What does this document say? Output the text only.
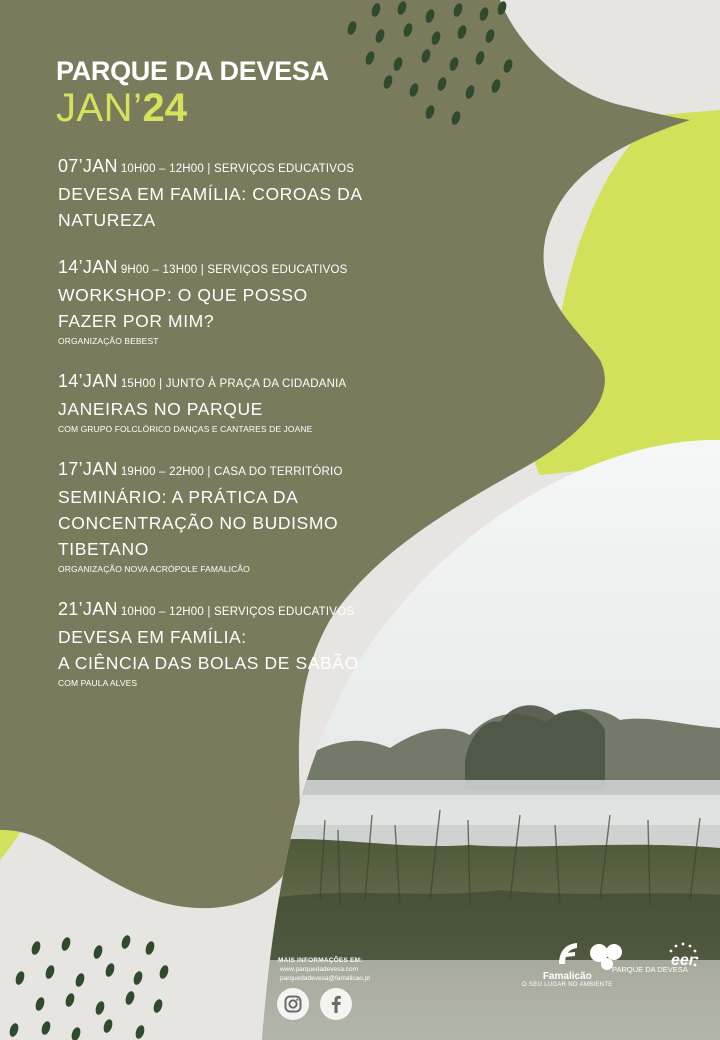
PARQUE DA DEVESA
JAN’24
07’JAN 10H00 – 12H00 | SERVIÇOS EDUCATIVOS
DEVESA EM FAMÍLIA: COROAS DA
NATUREZA
14’JAN 9H00 – 13H00 | SERVIÇOS EDUCATIVOS
WORKSHOP: O QUE POSSO
FAZER POR MIM?
ORGANIZAÇÃO BEBEST
14’JAN 15H00 | JUNTO À PRAÇA DA CIDADANIA
JANEIRAS NO PARQUE
COM GRUPO FOLCLÓRICO DANÇAS E CANTARES DE JOANE
17’JAN 19H00 – 22H00 | CASA DO TERRITÓRIO
SEMINÁRIO: A PRÁTICA DA
CONCENTRAÇÃO NO BUDISMO
TIBETANO
ORGANIZAÇÃO NOVA ACRÓPOLE FAMALICÃO
21’JAN 10H00 – 12H00 | SERVIÇOS EDUCATIVOS
DEVESA EM FAMÍLIA:
A CIÊNCIA DAS BOLAS DE SABÃO
COM PAULA ALVES
MAIS INFORMAÇÕES EM:
www.parquedadevesa.com
parquedadevesa@famalicao.pt	Famalicão
O SEU LUGAR NO AMBIENTE
PARQUE DA DEVESA
eer
